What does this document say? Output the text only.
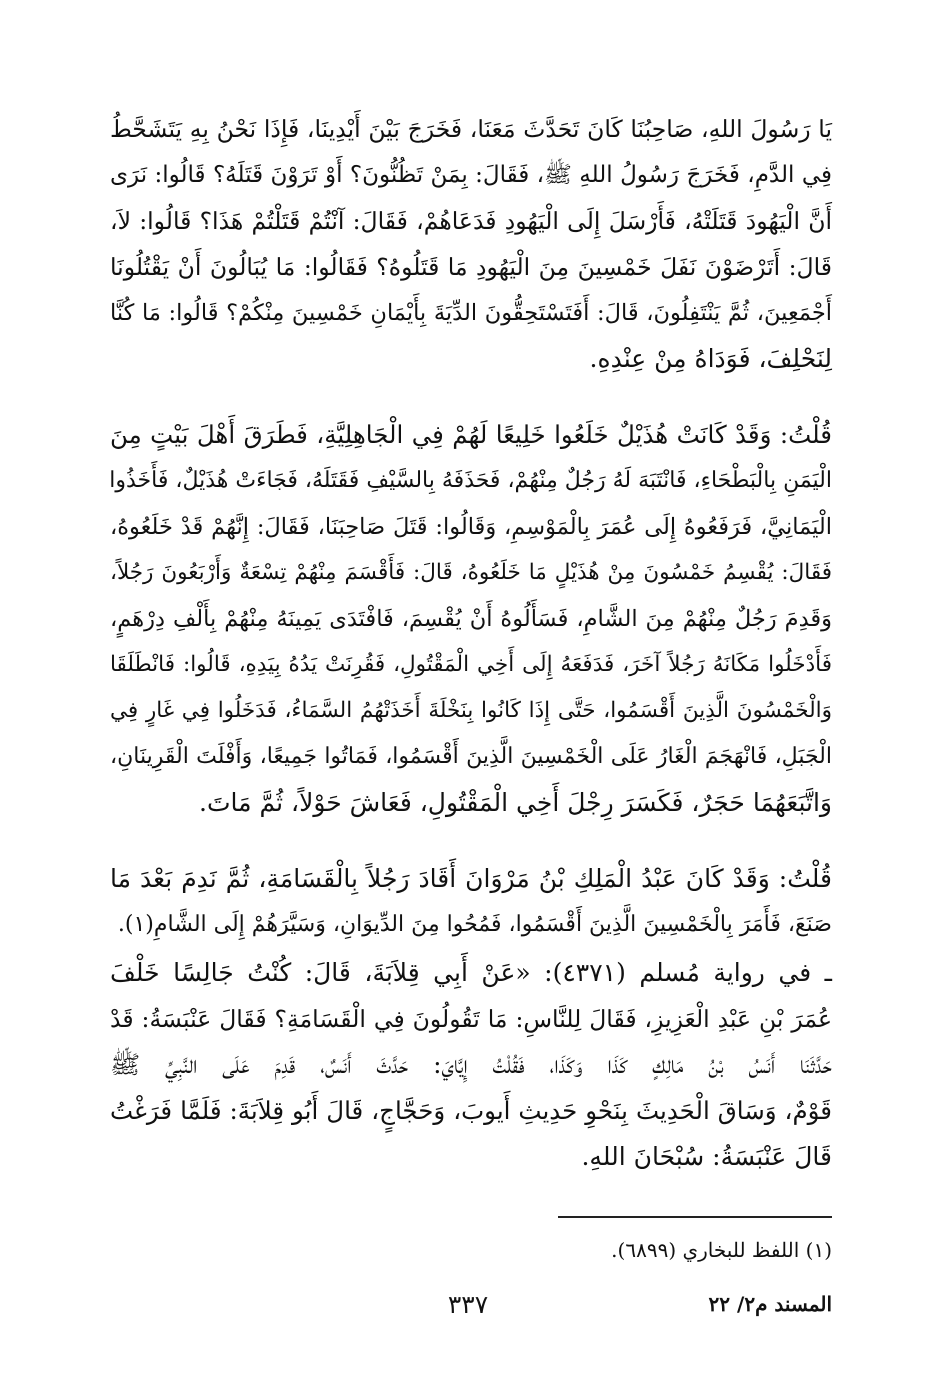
يَا رَسُولَ اللهِ، صَاحِبُنَا كَانَ تَحَدَّثَ مَعَنَا، فَخَرَجَ بَيْنَ أَيْدِينَا، فَإِذَا نَحْنُ بِهِ يَتَشَحَّطُ
فِي الدَّمِ، فَخَرَجَ رَسُولُ اللهِ ﷺ، فَقَالَ: بِمَنْ تَظُنُّونَ؟ أَوْ تَرَوْنَ قَتَلَهُ؟ قَالُوا: نَرَى
أَنَّ الْيَهُودَ قَتَلَتْهُ، فَأَرْسَلَ إِلَى الْيَهُودِ فَدَعَاهُمْ، فَقَالَ: آنْتُمْ قَتَلْتُمْ هَذَا؟ قَالُوا: لاَ،
قَالَ: أَتَرْضَوْنَ نَفَلَ خَمْسِينَ مِنَ الْيَهُودِ مَا قَتَلُوهُ؟ فَقَالُوا: مَا يُبَالُونَ أَنْ يَقْتُلُونَا
أَجْمَعِينَ، ثُمَّ يَنْتَفِلُونَ، قَالَ: أَفَتَسْتَحِقُّونَ الدِّيَةَ بِأَيْمَانِ خَمْسِينَ مِنْكُمْ؟ قَالُوا: مَا كُنَّا
لِنَحْلِفَ، فَوَدَاهُ مِنْ عِنْدِهِ.
قُلْتُ: وَقَدْ كَانَتْ هُذَيْلٌ خَلَعُوا خَلِيعًا لَهُمْ فِي الْجَاهِلِيَّةِ، فَطَرَقَ أَهْلَ بَيْتٍ مِنَ
الْيَمَنِ بِالْبَطْحَاءِ، فَانْتَبَهَ لَهُ رَجُلٌ مِنْهُمْ، فَحَذَفَهُ بِالسَّيْفِ فَقَتَلَهُ، فَجَاءَتْ هُذَيْلٌ، فَأَخَذُوا
الْيَمَانِيَّ، فَرَفَعُوهُ إِلَى عُمَرَ بِالْمَوْسِمِ، وَقَالُوا: قَتَلَ صَاحِبَنَا، فَقَالَ: إِنَّهُمْ قَدْ خَلَعُوهُ،
فَقَالَ: يُقْسِمُ خَمْسُونَ مِنْ هُذَيْلٍ مَا خَلَعُوهُ، قَالَ: فَأَقْسَمَ مِنْهُمْ تِسْعَةٌ وَأَرْبَعُونَ رَجُلاً،
وَقَدِمَ رَجُلٌ مِنْهُمْ مِنَ الشَّامِ، فَسَأَلُوهُ أَنْ يُقْسِمَ، فَافْتَدَى يَمِينَهُ مِنْهُمْ بِأَلْفِ دِرْهَمٍ،
فَأَدْخَلُوا مَكَانَهُ رَجُلاً آخَرَ، فَدَفَعَهُ إِلَى أَخِي الْمَقْتُولِ، فَقُرِنَتْ يَدُهُ بِيَدِهِ، قَالُوا: فَانْطَلَقَا
وَالْخَمْسُونَ الَّذِينَ أَقْسَمُوا، حَتَّى إِذَا كَانُوا بِنَخْلَةَ أَخَذَتْهُمُ السَّمَاءُ، فَدَخَلُوا فِي غَارٍ فِي
الْجَبَلِ، فَانْهَجَمَ الْغَارُ عَلَى الْخَمْسِينَ الَّذِينَ أَقْسَمُوا، فَمَاتُوا جَمِيعًا، وَأَفْلَتَ الْقَرِينَانِ،
وَاتَّبَعَهُمَا حَجَرٌ، فَكَسَرَ رِجْلَ أَخِي الْمَقْتُولِ، فَعَاشَ حَوْلاً، ثُمَّ مَاتَ.
قُلْتُ: وَقَدْ كَانَ عَبْدُ الْمَلِكِ بْنُ مَرْوَانَ أَقَادَ رَجُلاً بِالْقَسَامَةِ، ثُمَّ نَدِمَ بَعْدَ مَا
صَنَعَ، فَأَمَرَ بِالْخَمْسِينَ الَّذِينَ أَقْسَمُوا، فَمُحُوا مِنَ الدِّيوَانِ، وَسَيَّرَهُمْ إِلَى الشَّامِ(١).
ـ في رواية مُسلم (٤٣٧١): «عَنْ أَبِي قِلاَبَةَ، قَالَ: كُنْتُ جَالِسًا خَلْفَ
عُمَرَ بْنِ عَبْدِ الْعَزِيزِ، فَقَالَ لِلنَّاسِ: مَا تَقُولُونَ فِي الْقَسَامَةِ؟ فَقَالَ عَنْبَسَةُ: قَدْ
حَدَّثَنَا أَنَسُ بْنُ مَالِكٍ كَذَا وَكَذَا، فَقُلْتُ إِيَّايَ: حَدَّثَ أَنَسٌ، قَدِمَ عَلَى النَّبِيِّ ﷺ
قَوْمٌ، وَسَاقَ الْحَدِيثَ بِنَحْوِ حَدِيثِ أَيوبَ، وَحَجَّاجٍ، قَالَ أَبُو قِلاَبَةَ: فَلَمَّا فَرَغْتُ
قَالَ عَنْبَسَةُ: سُبْحَانَ اللهِ.
(١) اللفظ للبخاري (٦٨٩٩).
٣٣٧	المسند م٢/ ٢٢
